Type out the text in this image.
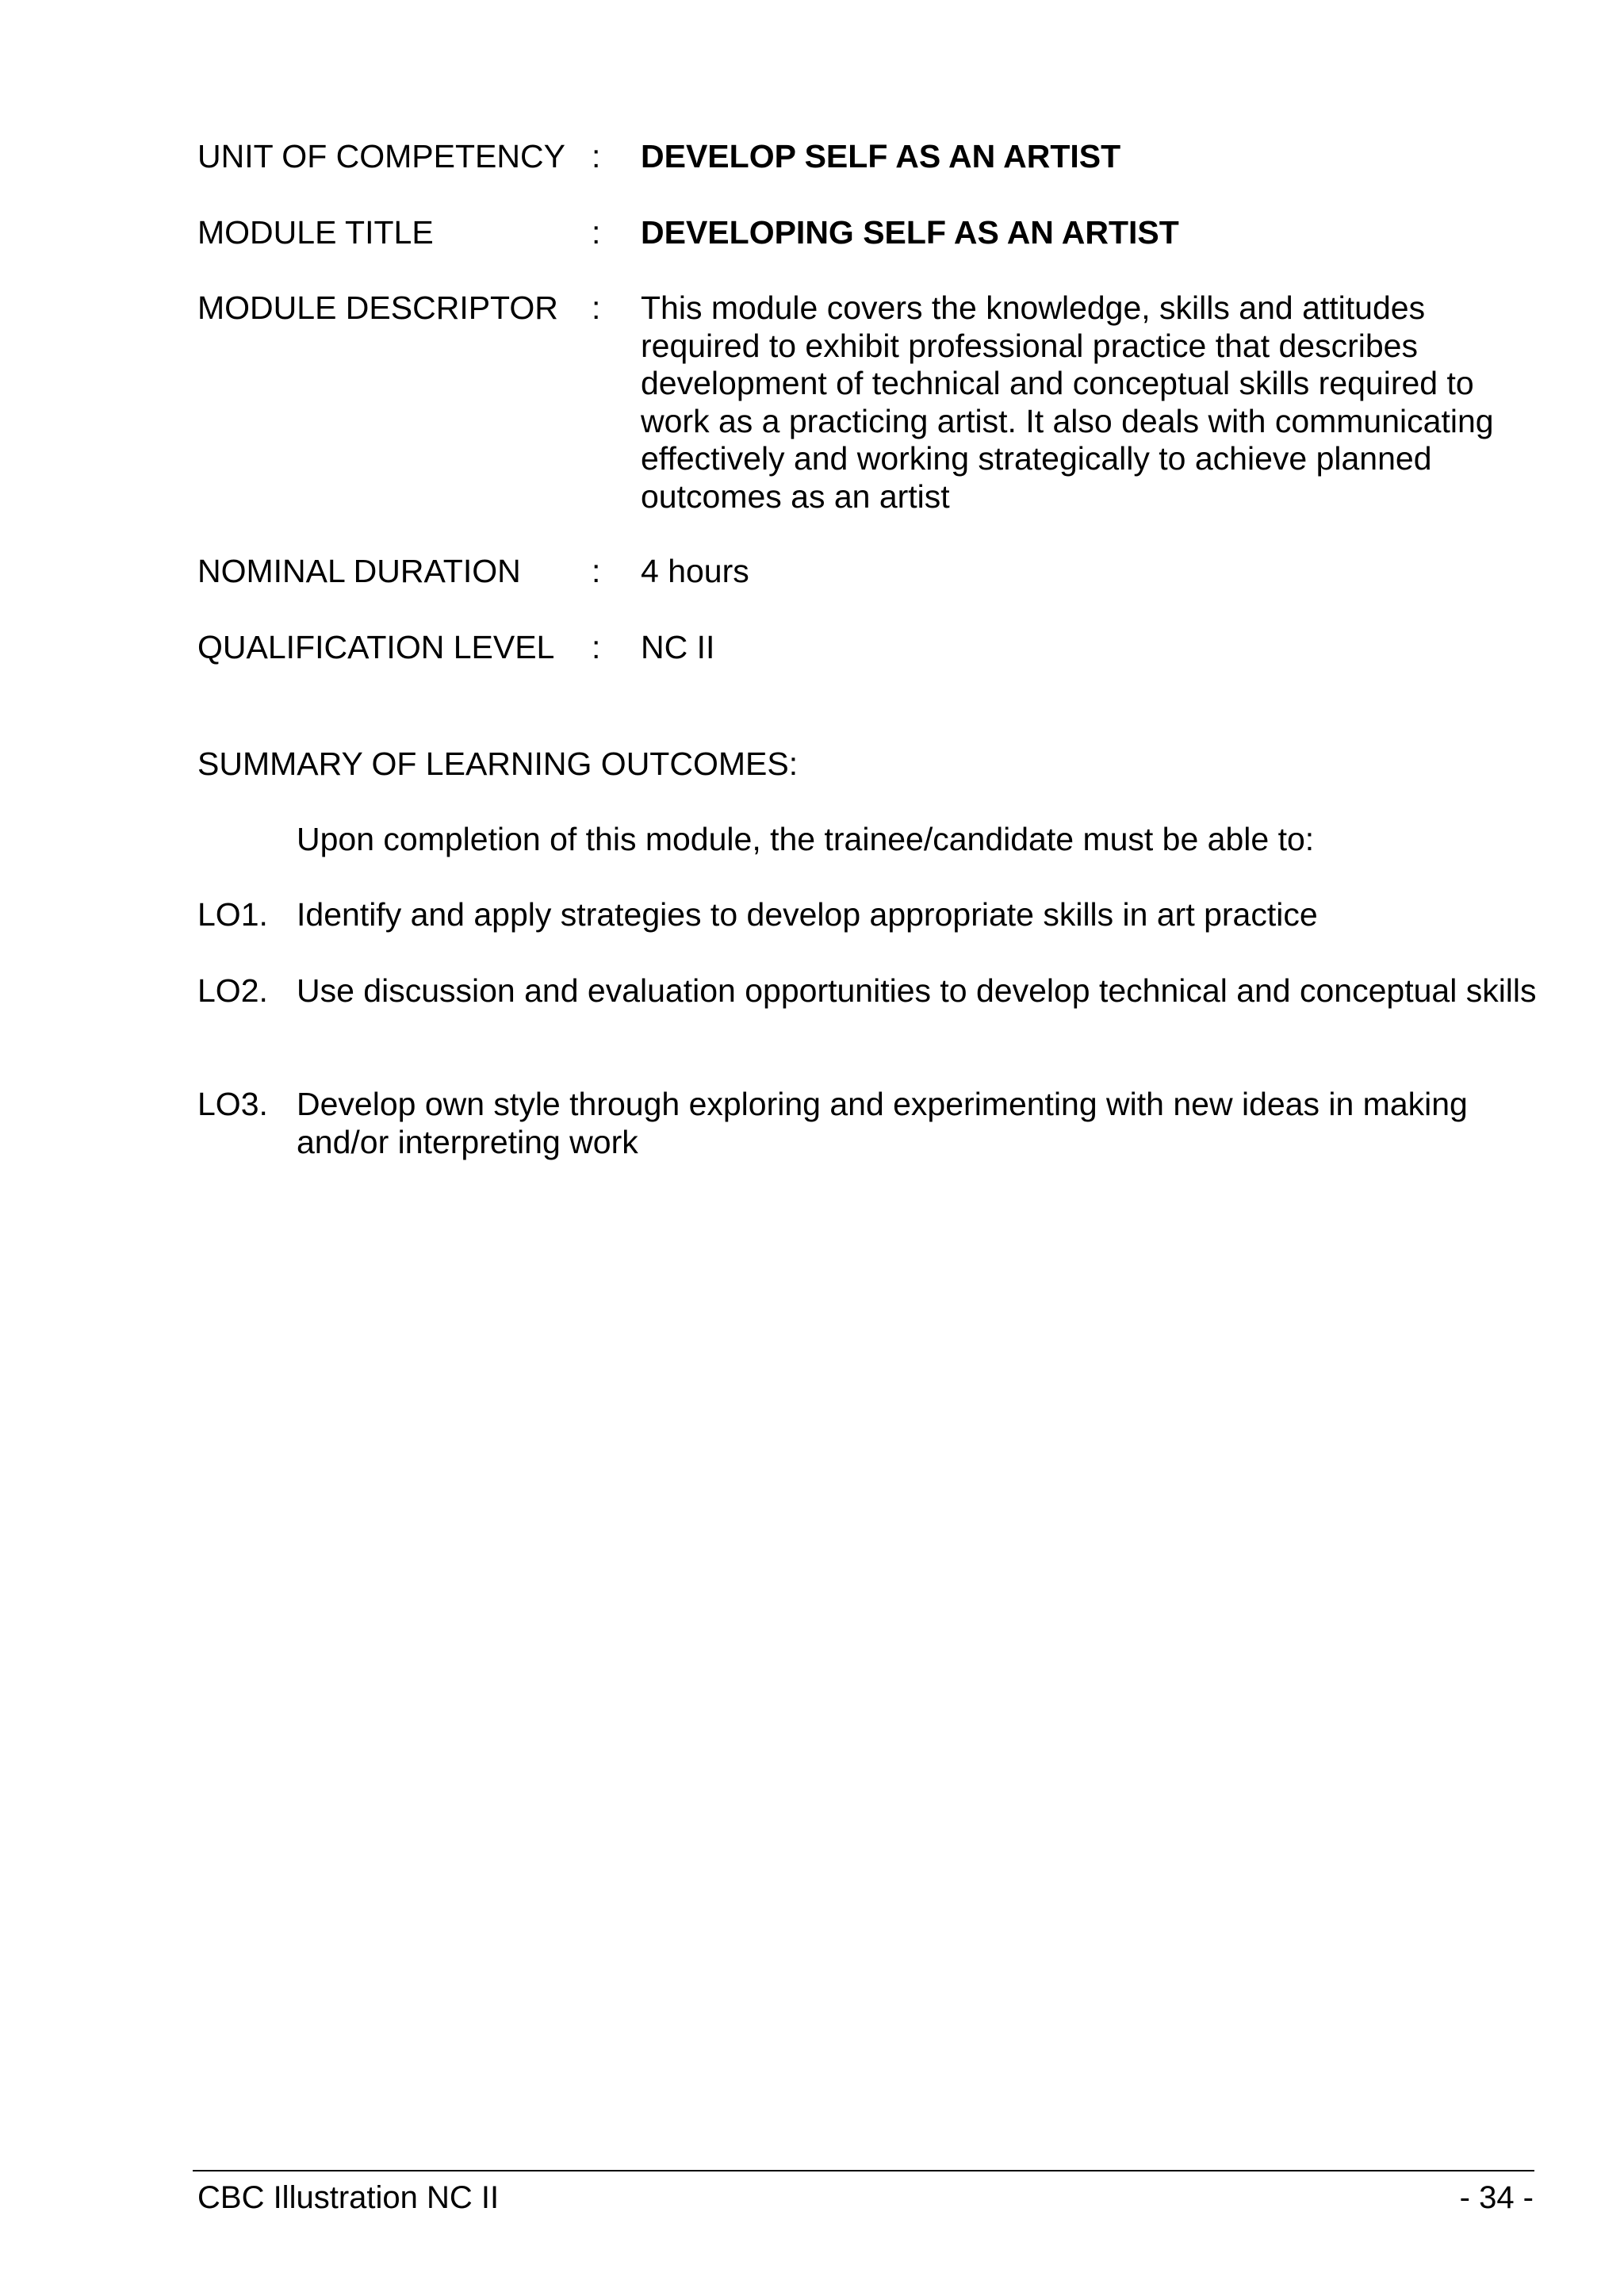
UNIT OF COMPETENCY : DEVELOP SELF AS AN ARTIST
MODULE TITLE	: DEVELOPING SELF AS AN ARTIST
MODULE DESCRIPTOR : This module covers the knowledge, skills and attitudes required to exhibit professional practice that describes development of technical and conceptual skills required to work as a practicing artist. It also deals with communicating effectively and working strategically to achieve planned outcomes as an artist
NOMINAL DURATION : 4 hours
QUALIFICATION LEVEL : NC II
SUMMARY OF LEARNING OUTCOMES:
Upon completion of this module, the trainee/candidate must be able to:
LO1. Identify and apply strategies to develop appropriate skills in art practice
LO2. Use discussion and evaluation opportunities to develop technical and conceptual skills
LO3. Develop own style through exploring and experimenting with new ideas in making and/or interpreting work
CBC Illustration NC II	- 34 -
